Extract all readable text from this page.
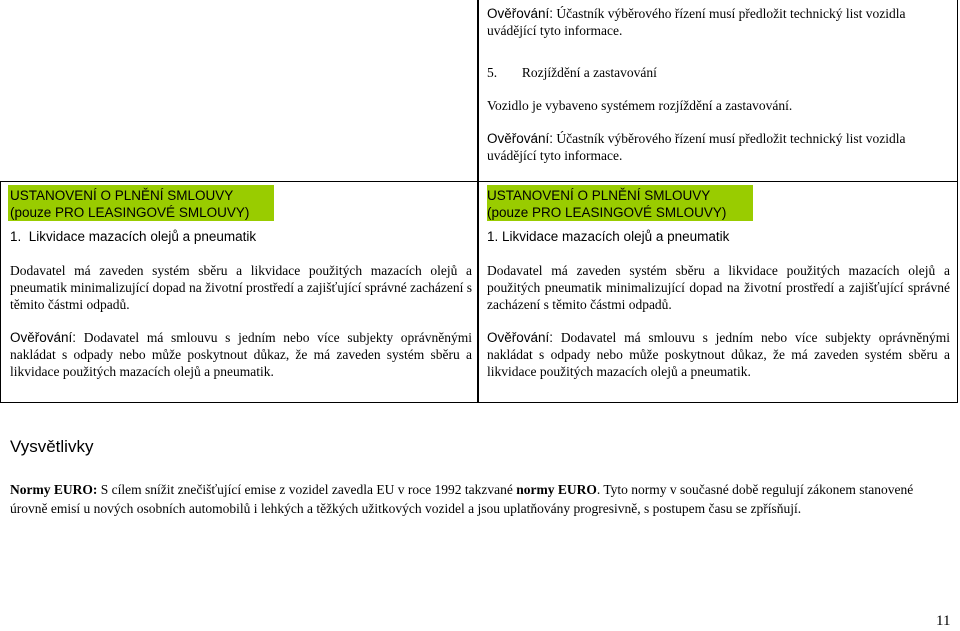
Ověřování: Účastník výběrového řízení musí předložit technický list vozidla uvádějící tyto informace.
5. Rozjíždění a zastavování
Vozidlo je vybaveno systémem rozjíždění a zastavování.
Ověřování: Účastník výběrového řízení musí předložit technický list vozidla uvádějící tyto informace.
USTANOVENÍ O PLNĚNÍ SMLOUVY
(pouze PRO LEASINGOVÉ SMLOUVY)
1.  Likvidace mazacích olejů a pneumatik
Dodavatel má zaveden systém sběru a likvidace použitých mazacích olejů a pneumatik minimalizující dopad na životní prostředí a zajišťující správné zacházení s těmito částmi odpadů.
Ověřování: Dodavatel má smlouvu s jedním nebo více subjekty oprávněnými nakládat s odpady nebo může poskytnout důkaz, že má zaveden systém sběru a likvidace použitých mazacích olejů a pneumatik.
USTANOVENÍ O PLNĚNÍ SMLOUVY
(pouze PRO LEASINGOVÉ SMLOUVY)
1. Likvidace mazacích olejů a pneumatik
Dodavatel má zaveden systém sběru a likvidace použitých mazacích olejů a použitých pneumatik minimalizující dopad na životní prostředí a zajišťující správné zacházení s těmito částmi odpadů.
Ověřování: Dodavatel má smlouvu s jedním nebo více subjekty oprávněnými nakládat s odpady nebo může poskytnout důkaz, že má zaveden systém sběru a likvidace použitých mazacích olejů a pneumatik.
Vysvětlivky
Normy EURO: S cílem snížit znečišťující emise z vozidel zavedla EU v roce 1992 takzvané normy EURO. Tyto normy v současné době regulují zákonem stanovené úrovně emisí u nových osobních automobilů i lehkých a těžkých užitkových vozidel a jsou uplatňovány progresivně, s postupem času se zpřísňují.
11
